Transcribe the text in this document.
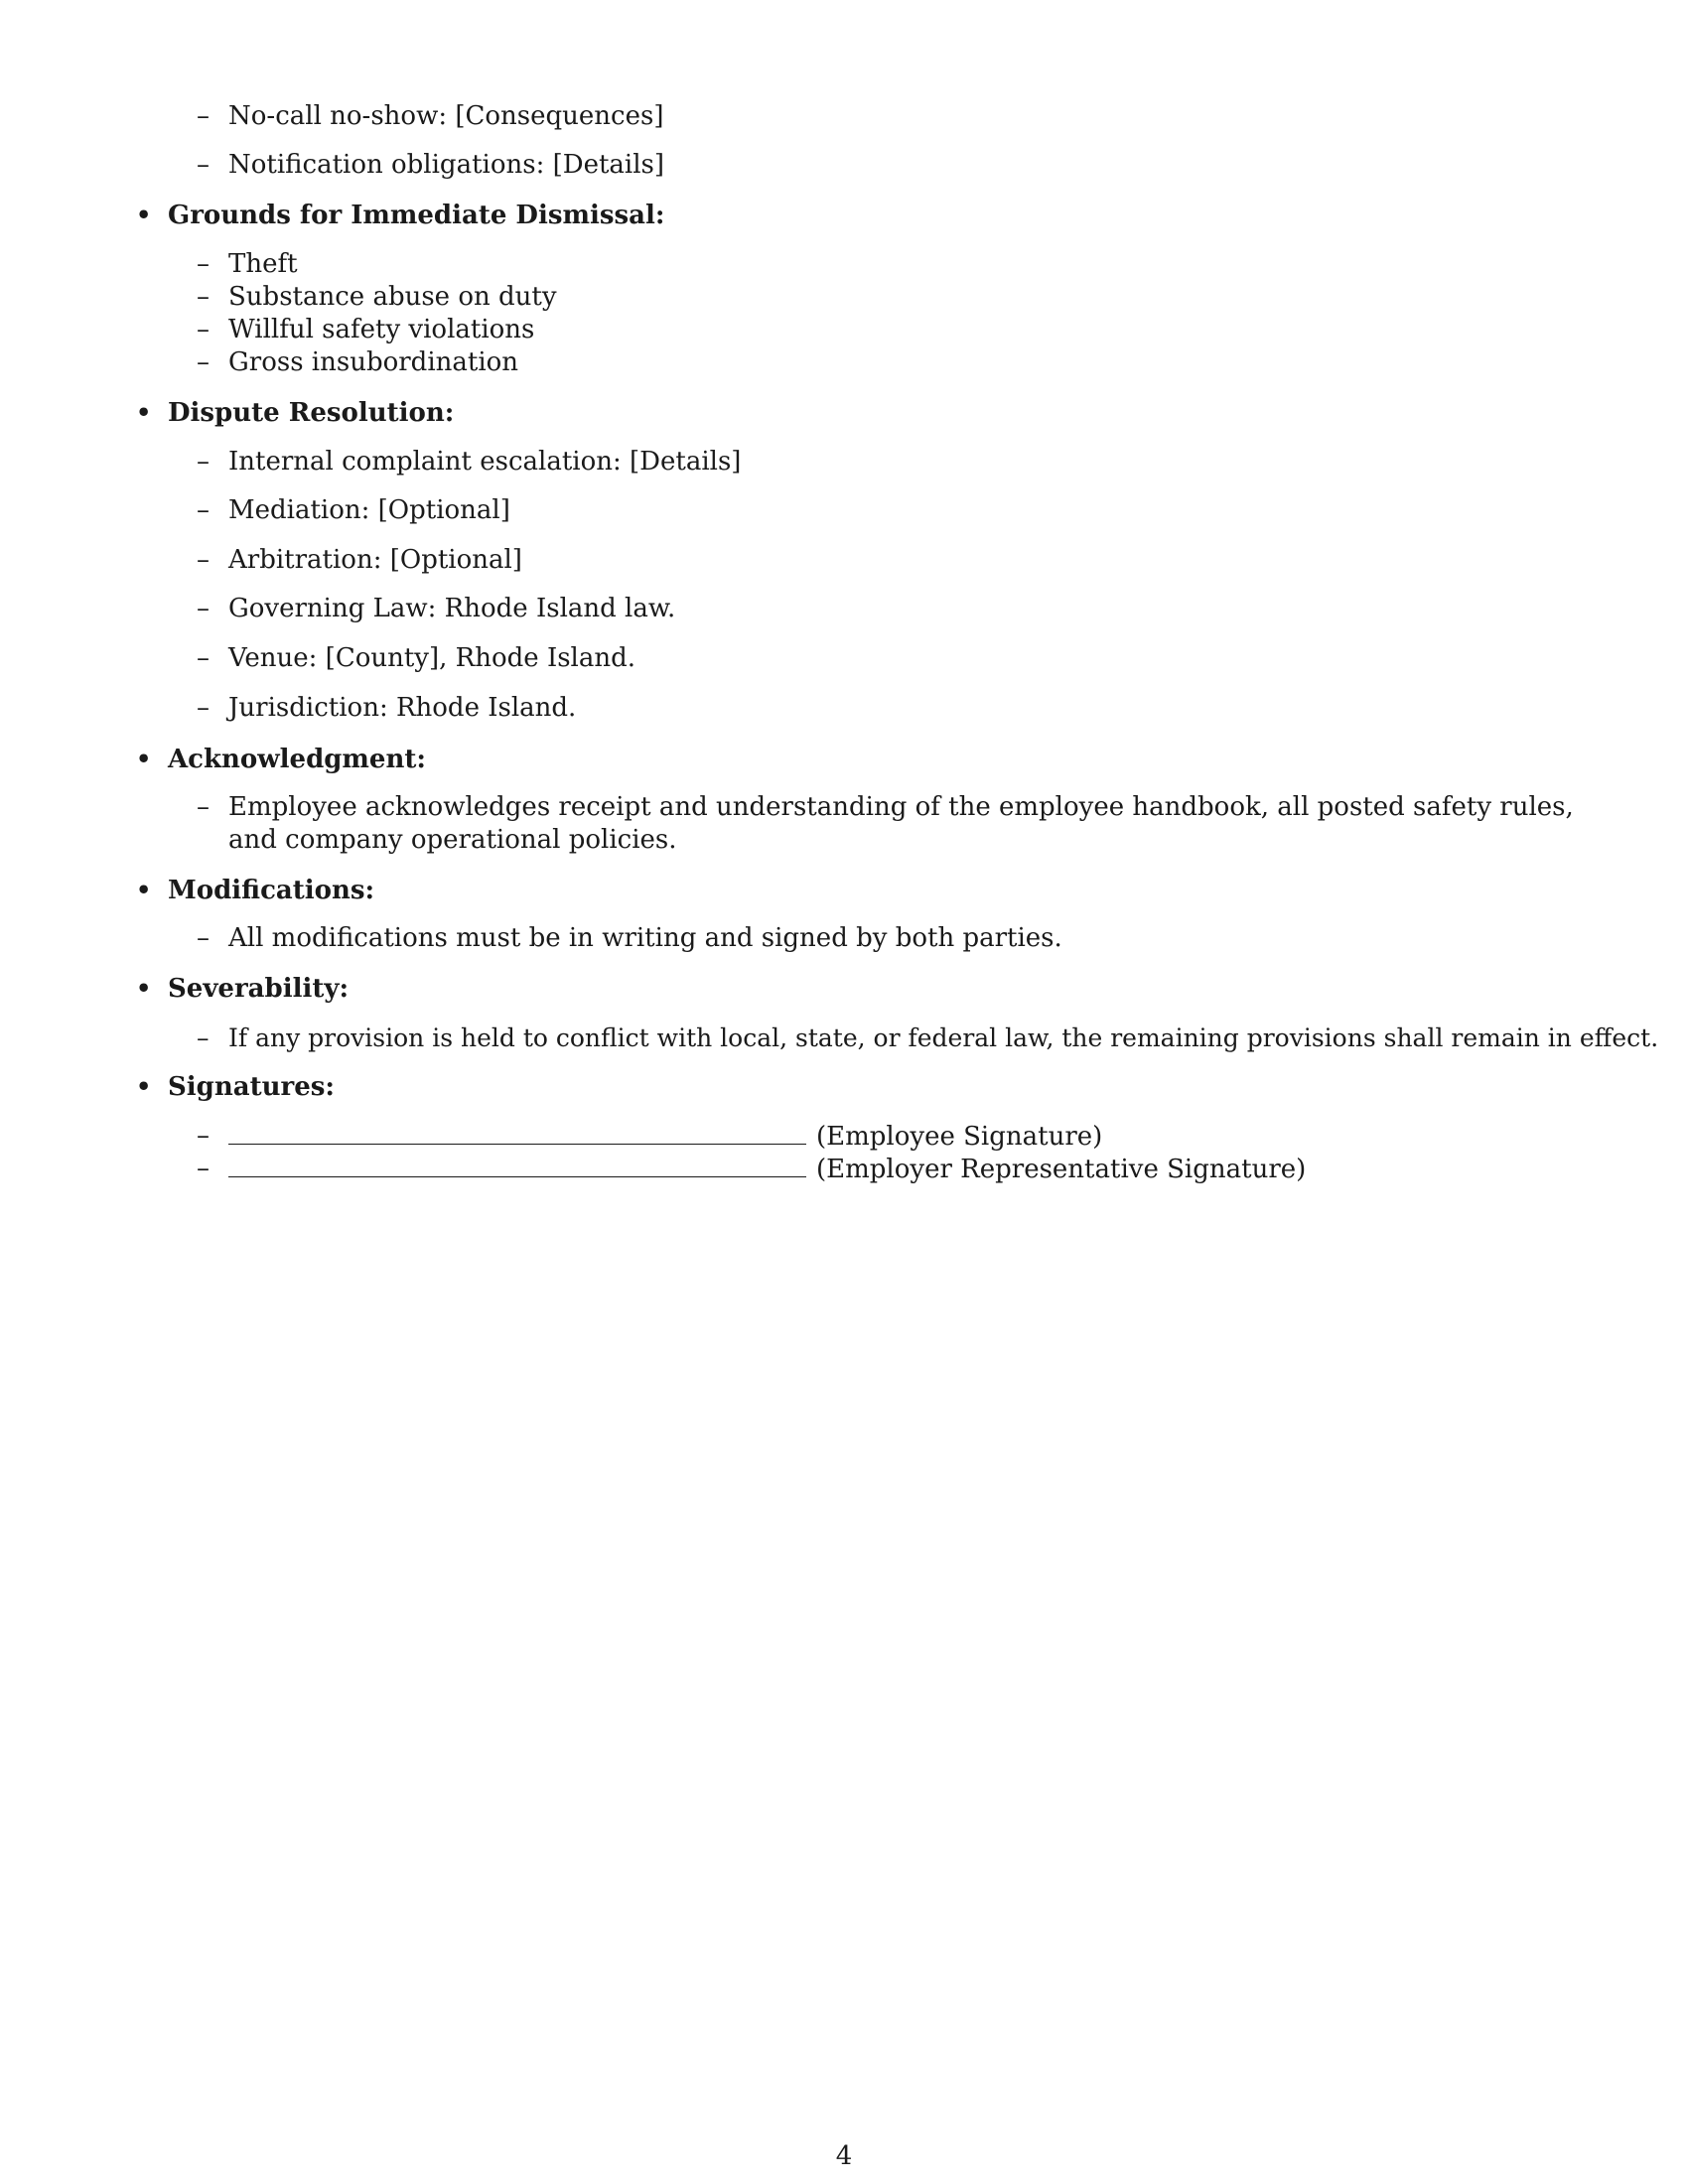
– No-call no-show: [Consequences]
– Notification obligations: [Details]
• Grounds for Immediate Dismissal:
– Theft
– Substance abuse on duty
– Willful safety violations
– Gross insubordination
• Dispute Resolution:
– Internal complaint escalation: [Details]
– Mediation: [Optional]
– Arbitration: [Optional]
– Governing Law: Rhode Island law.
– Venue: [County], Rhode Island.
– Jurisdiction: Rhode Island.
• Acknowledgment:
– Employee acknowledges receipt and understanding of the employee handbook, all posted safety rules, and company operational policies.
• Modifications:
– All modifications must be in writing and signed by both parties.
• Severability:
– If any provision is held to conflict with local, state, or federal law, the remaining provisions shall remain in effect.
• Signatures:
–	(Employee Signature)
–	(Employer Representative Signature)
4
